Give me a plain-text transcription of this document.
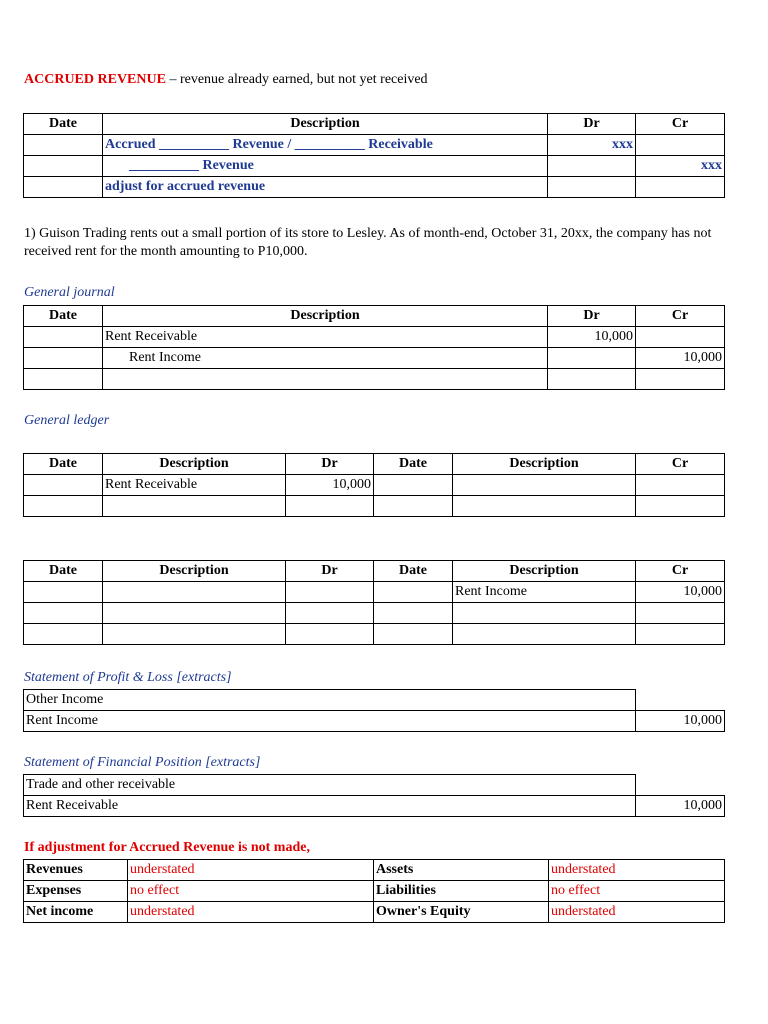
ACCRUED REVENUE – revenue already earned, but not yet received
Date	Description	Dr	Cr
	Accrued __________ Revenue / __________ Receivable	xxx	
	__________ Revenue		xxx
	adjust for accrued revenue		
1) Guison Trading rents out a small portion of its store to Lesley. As of month-end, October 31, 20xx, the company has not received rent for the month amounting to P10,000.
General journal
Date	Description	Dr	Cr
	Rent Receivable	10,000	
	Rent Income		10,000

General ledger
Date	Description	Dr	Date	Description	Cr
	Rent Receivable	10,000			

Date	Description	Dr	Date	Description	Cr
				Rent Income	10,000

Statement of Profit & Loss [extracts]
Other Income	
Rent Income	10,000
Statement of Financial Position [extracts]
Trade and other receivable	
Rent Receivable	10,000
If adjustment for Accrued Revenue is not made,
Revenues	understated	Assets	understated
Expenses	no effect	Liabilities	no effect
Net income	understated	Owner's Equity	understated
